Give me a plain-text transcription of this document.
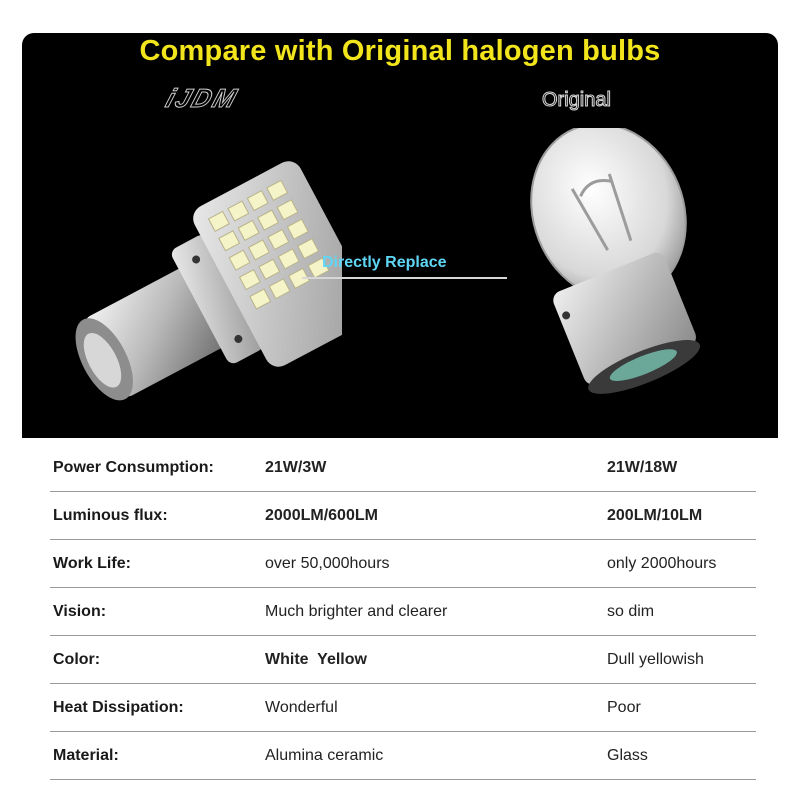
Compare with Original halogen bulbs
iJDM	Original
Directly Replace
Power Consumption:	21W/3W	21W/18W
Luminous flux:	2000LM/600LM	200LM/10LM
Work Life:	over 50,000hours	only 2000hours
Vision:	Much brighter and clearer	so dim
Color:	White  Yellow	Dull yellowish
Heat Dissipation:	Wonderful	Poor
Material:	Alumina ceramic	Glass
